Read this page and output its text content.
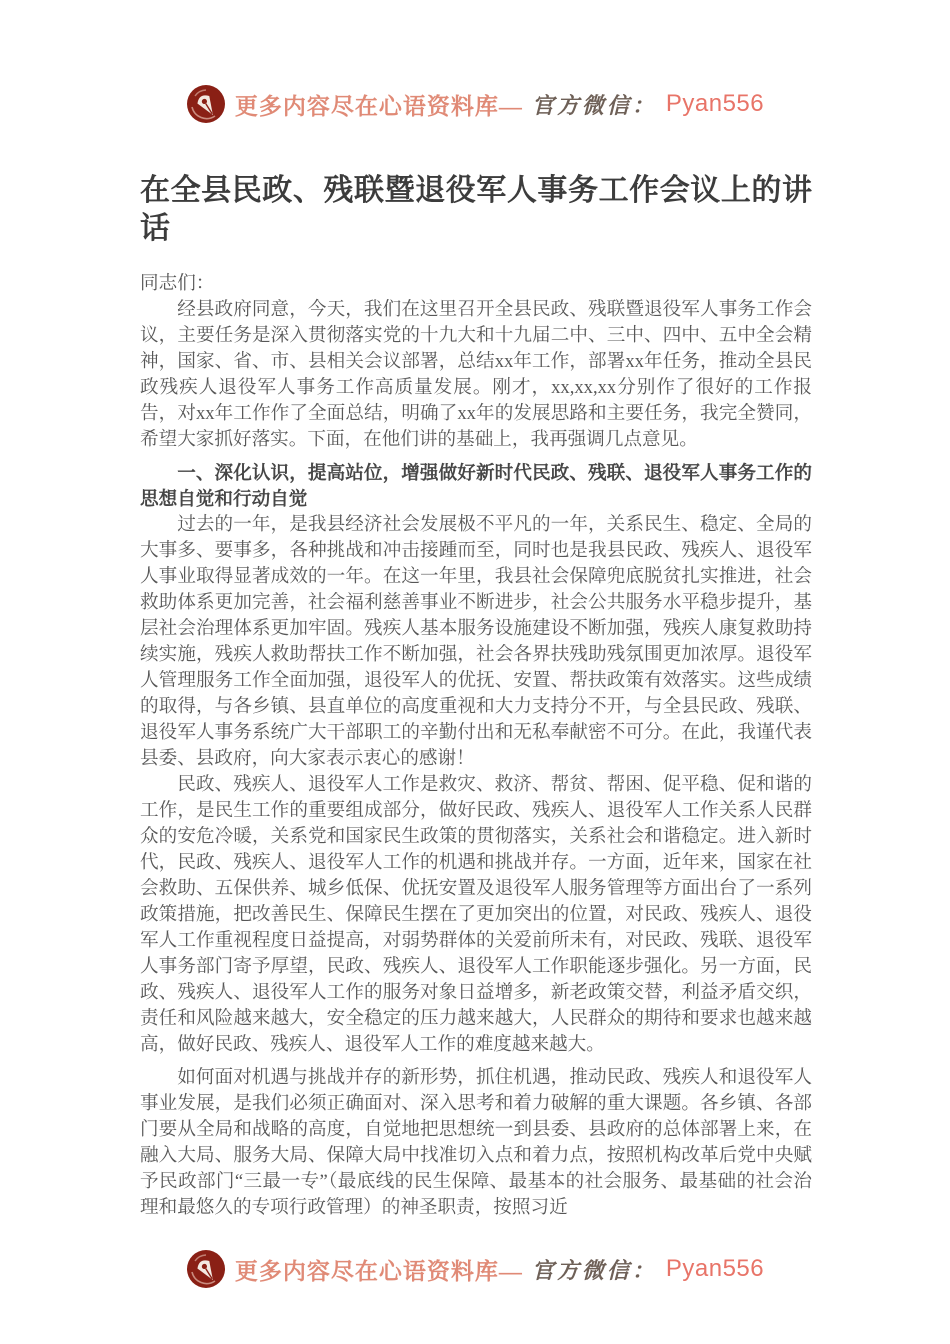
更多内容尽在心语资料库— 官方微信： Pyan556
在全县民政、残联暨退役军人事务工作会议上的讲话

同志们：

经县政府同意，今天，我们在这里召开全县民政、残联暨退役军人事务工作会议，主要任务是深入贯彻落实党的十九大和十九届二中、三中、四中、五中全会精神，国家、省、市、县相关会议部署，总结xx年工作，部署xx年任务，推动全县民政残疾人退役军人事务工作高质量发展。刚才，xx,xx,xx分别作了很好的工作报告，对xx年工作作了全面总结，明确了xx年的发展思路和主要任务，我完全赞同，希望大家抓好落实。下面，在他们讲的基础上，我再强调几点意见。

一、深化认识，提高站位，增强做好新时代民政、残联、退役军人事务工作的思想自觉和行动自觉

过去的一年，是我县经济社会发展极不平凡的一年，关系民生、稳定、全局的大事多、要事多，各种挑战和冲击接踵而至，同时也是我县民政、残疾人、退役军人事业取得显著成效的一年。在这一年里，我县社会保障兜底脱贫扎实推进，社会救助体系更加完善，社会福利慈善事业不断进步，社会公共服务水平稳步提升，基层社会治理体系更加牢固。残疾人基本服务设施建设不断加强，残疾人康复救助持续实施，残疾人救助帮扶工作不断加强，社会各界扶残助残氛围更加浓厚。退役军人管理服务工作全面加强，退役军人的优抚、安置、帮扶政策有效落实。这些成绩的取得，与各乡镇、县直单位的高度重视和大力支持分不开，与全县民政、残联、退役军人事务系统广大干部职工的辛勤付出和无私奉献密不可分。在此，我谨代表县委、县政府，向大家表示衷心的感谢！

民政、残疾人、退役军人工作是救灾、救济、帮贫、帮困、促平稳、促和谐的工作，是民生工作的重要组成部分，做好民政、残疾人、退役军人工作关系人民群众的安危冷暖，关系党和国家民生政策的贯彻落实，关系社会和谐稳定。进入新时代，民政、残疾人、退役军人工作的机遇和挑战并存。一方面，近年来，国家在社会救助、五保供养、城乡低保、优抚安置及退役军人服务管理等方面出台了一系列政策措施，把改善民生、保障民生摆在了更加突出的位置，对民政、残疾人、退役军人工作重视程度日益提高，对弱势群体的关爱前所未有，对民政、残联、退役军人事务部门寄予厚望，民政、残疾人、退役军人工作职能逐步强化。另一方面，民政、残疾人、退役军人工作的服务对象日益增多，新老政策交替，利益矛盾交织，责任和风险越来越大，安全稳定的压力越来越大，人民群众的期待和要求也越来越高，做好民政、残疾人、退役军人工作的难度越来越大。

如何面对机遇与挑战并存的新形势，抓住机遇，推动民政、残疾人和退役军人事业发展，是我们必须正确面对、深入思考和着力破解的重大课题。各乡镇、各部门要从全局和战略的高度，自觉地把思想统一到县委、县政府的总体部署上来，在融入大局、服务大局、保障大局中找准切入点和着力点，按照机构改革后党中央赋予民政部门“三最一专”（最底线的民生保障、最基本的社会服务、最基础的社会治理和最悠久的专项行政管理）的神圣职责，按照习近

更多内容尽在心语资料库— 官方微信： Pyan556
